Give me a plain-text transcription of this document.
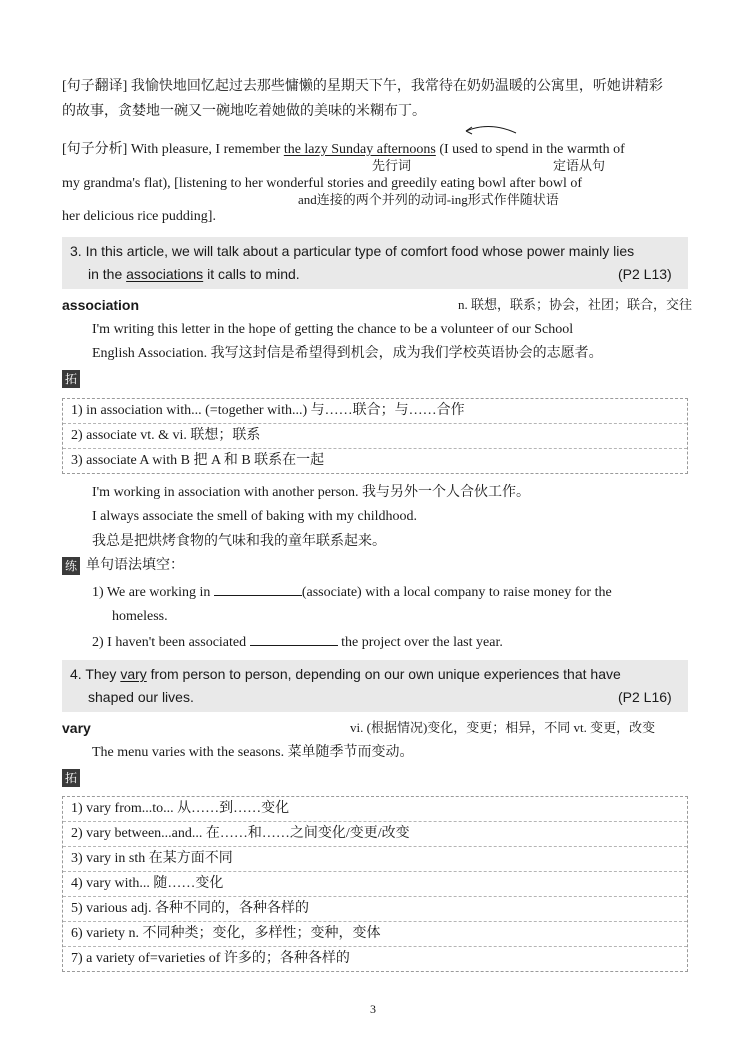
[句子翻译] 我愉快地回忆起过去那些慵懒的星期天下午，我常待在奶奶温暖的公寓里，听她讲精彩
的故事，贪婪地一碗又一碗地吃着她做的美味的米糊布丁。
[句子分析] With pleasure, I remember the lazy Sunday afternoons (I used to spend in the warmth of
先行词	定语从句
my grandma's flat), [listening to her wonderful stories and greedily eating bowl after bowl of
and连接的两个并列的动词-ing形式作伴随状语
her delicious rice pudding].
3. In this article, we will talk about a particular type of comfort food whose power mainly lies
in the associations it calls to mind.	(P2 L13)
association	n. 联想，联系；协会，社团；联合，交往
I'm writing this letter in the hope of getting the chance to be a volunteer of our School
English Association. 我写这封信是希望得到机会，成为我们学校英语协会的志愿者。
拓
1) in association with... (=together with...) 与……联合；与……合作
2) associate vt. & vi. 联想；联系
3) associate A with B 把 A 和 B 联系在一起
I'm working in association with another person. 我与另外一个人合伙工作。
I always associate the smell of baking with my childhood.
我总是把烘烤食物的气味和我的童年联系起来。
练 单句语法填空：
1) We are working in	(associate) with a local company to raise money for the
homeless.
2) I haven't been associated	the project over the last year.
4. They vary from person to person, depending on our own unique experiences that have
shaped our lives.	(P2 L16)
vary	vi. (根据情况)变化，变更；相异，不同 vt. 变更，改变
The menu varies with the seasons. 菜单随季节而变动。
拓
1) vary from...to... 从……到……变化
2) vary between...and... 在……和……之间变化/变更/改变
3) vary in sth 在某方面不同
4) vary with... 随……变化
5) various adj. 各种不同的，各种各样的
6) variety n. 不同种类；变化，多样性；变种，变体
7) a variety of=varieties of 许多的；各种各样的
3
